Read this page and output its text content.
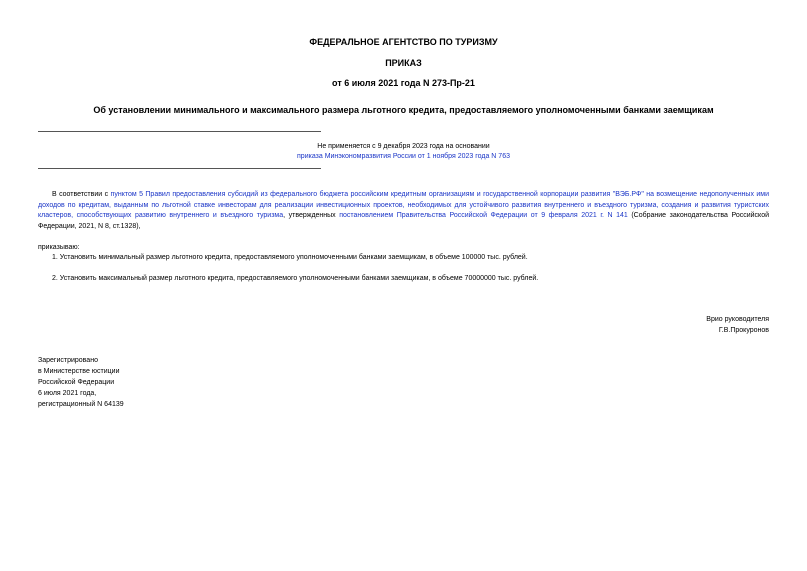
ФЕДЕРАЛЬНОЕ АГЕНТСТВО ПО ТУРИЗМУ
ПРИКАЗ
от 6 июля 2021 года N 273-Пр-21
Об установлении минимального и максимального размера льготного кредита, предоставляемого уполномоченными банками заемщикам
Не применяется с 9 декабря 2023 года на основании
приказа Минэкономразвития России от 1 ноября 2023 года N 763
В соответствии с пунктом 5 Правил предоставления субсидий из федерального бюджета российским кредитным организациям и государственной корпорации развития "ВЭБ.РФ" на возмещение недополученных ими доходов по кредитам, выданным по льготной ставке инвесторам для реализации инвестиционных проектов, необходимых для устойчивого развития внутреннего и въездного туризма, создания и развития туристских кластеров, способствующих развитию внутреннего и въездного туризма, утвержденных постановлением Правительства Российской Федерации от 9 февраля 2021 г. N 141 (Собрание законодательства Российской Федерации, 2021, N 8, ст.1328),
приказываю:
1. Установить минимальный размер льготного кредита, предоставляемого уполномоченными банками заемщикам, в объеме 100000 тыс. рублей.
2. Установить максимальный размер льготного кредита, предоставляемого уполномоченными банками заемщикам, в объеме 70000000 тыс. рублей.
Врио руководителя
Г.В.Прокуронов
Зарегистрировано
в Министерстве юстиции
Российской Федерации
6 июля 2021 года,
регистрационный N 64139
